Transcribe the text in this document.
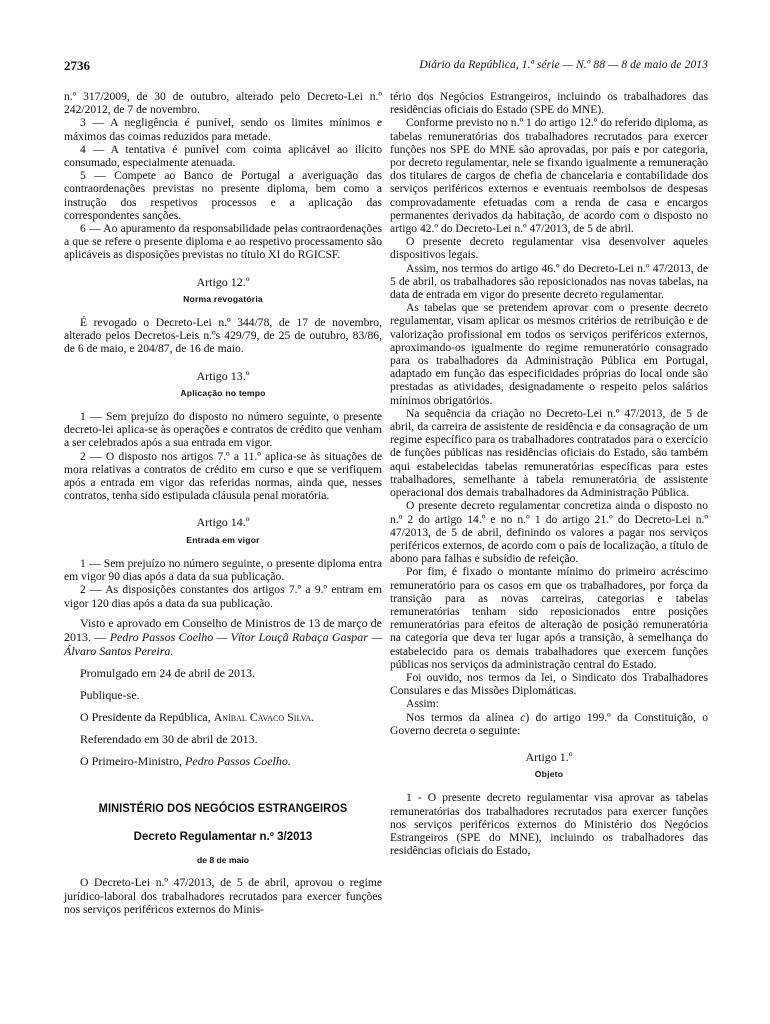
2736	Diário da República, 1.ª série — N.º 88 — 8 de maio de 2013

n.º 317/2009, de 30 de outubro, alterado pelo Decreto-Lei n.º 242/2012, de 7 de novembro.

3 — A negligência é punível, sendo os limites mínimos e máximos das coimas reduzidos para metade.

4 — A tentativa é punível com coima aplicável ao ilícito consumado, especialmente atenuada.

5 — Compete ao Banco de Portugal a averiguação das contraordenações previstas no presente diploma, bem como a instrução dos respetivos processos e a aplicação das correspondentes sanções.

6 — Ao apuramento da responsabilidade pelas contraordenações a que se refere o presente diploma e ao respetivo processamento são aplicáveis as disposições previstas no título XI do RGICSF.

Artigo 12.º
Norma revogatória

É revogado o Decreto-Lei n.º 344/78, de 17 de novembro, alterado pelos Decretos-Leis n.ºs 429/79, de 25 de outubro, 83/86, de 6 de maio, e 204/87, de 16 de maio.

Artigo 13.º
Aplicação no tempo

1 — Sem prejuízo do disposto no número seguinte, o presente decreto-lei aplica-se às operações e contratos de crédito que venham a ser celebrados após a sua entrada em vigor.

2 — O disposto nos artigos 7.º a 11.º aplica-se às situações de mora relativas a contratos de crédito em curso e que se verifiquem após a entrada em vigor das referidas normas, ainda que, nesses contratos, tenha sido estipulada cláusula penal moratória.

Artigo 14.º
Entrada em vigor

1 — Sem prejuízo no número seguinte, o presente diploma entra em vigor 90 dias após a data da sua publicação.

2 — As disposições constantes dos artigos 7.º a 9.º entram em vigor 120 dias após a data da sua publicação.

Visto e aprovado em Conselho de Ministros de 13 de março de 2013. — Pedro Passos Coelho — Vítor Louçã Rabaça Gaspar — Álvaro Santos Pereira.

Promulgado em 24 de abril de 2013.

Publique-se.

O Presidente da República, Aníbal Cavaco Silva.

Referendado em 30 de abril de 2013.

O Primeiro-Ministro, Pedro Passos Coelho.

MINISTÉRIO DOS NEGÓCIOS ESTRANGEIROS
Decreto Regulamentar n.º 3/2013
de 8 de maio

O Decreto-Lei n.º 47/2013, de 5 de abril, aprovou o regime jurídico-laboral dos trabalhadores recrutados para exercer funções nos serviços periféricos externos do Minis-

tério dos Negócios Estrangeiros, incluindo os trabalhadores das residências oficiais do Estado (SPE do MNE).

Conforme previsto no n.º 1 do artigo 12.º do referido diploma, as tabelas remuneratórias dos trabalhadores recrutados para exercer funções nos SPE do MNE são aprovadas, por país e por categoria, por decreto regulamentar, nele se fixando igualmente a remuneração dos titulares de cargos de chefia de chancelaria e contabilidade dos serviços periféricos externos e eventuais reembolsos de despesas comprovadamente efetuadas com a renda de casa e encargos permanentes derivados da habitação, de acordo com o disposto no artigo 42.º do Decreto-Lei n.º 47/2013, de 5 de abril.

O presente decreto regulamentar visa desenvolver aqueles dispositivos legais.

Assim, nos termos do artigo 46.º do Decreto-Lei n.º 47/2013, de 5 de abril, os trabalhadores são reposicionados nas novas tabelas, na data de entrada em vigor do presente decreto regulamentar.

As tabelas que se pretendem aprovar com o presente decreto regulamentar, visam aplicar os mesmos critérios de retribuição e de valorização profissional em todos os serviços periféricos externos, aproximando-os igualmente do regime remuneratório consagrado para os trabalhadores da Administração Pública em Portugal, adaptado em função das especificidades próprias do local onde são prestadas as atividades, designadamente o respeito pelos salários mínimos obrigatórios.

Na sequência da criação no Decreto-Lei n.º 47/2013, de 5 de abril, da carreira de assistente de residência e da consagração de um regime específico para os trabalhadores contratados para o exercício de funções públicas nas residências oficiais do Estado, são também aqui estabelecidas tabelas remuneratórias específicas para estes trabalhadores, semelhante à tabela remuneratória de assistente operacional dos demais trabalhadores da Administração Pública.

O presente decreto regulamentar concretiza ainda o disposto no n.º 2 do artigo 14.º e no n.º 1 do artigo 21.º do Decreto-Lei n.º 47/2013, de 5 de abril, definindo os valores a pagar nos serviços periféricos externos, de acordo com o país de localização, a título de abono para falhas e subsídio de refeição.

Por fim, é fixado o montante mínimo do primeiro acréscimo remuneratório para os casos em que os trabalhadores, por força da transição para as novas carreiras, categorias e tabelas remuneratórias tenham sido reposicionados entre posições remuneratórias para efeitos de alteração de posição remuneratória na categoria que deva ter lugar após a transição, à semelhança do estabelecido para os demais trabalhadores que exercem funções públicas nos serviços da administração central do Estado.

Foi ouvido, nos termos da lei, o Sindicato dos Trabalhadores Consulares e das Missões Diplomáticas.

Assim:

Nos termos da alínea c) do artigo 199.º da Constituição, o Governo decreta o seguinte:

Artigo 1.º
Objeto

1 - O presente decreto regulamentar visa aprovar as tabelas remuneratórias dos trabalhadores recrutados para exercer funções nos serviços periféricos externos do Ministério dos Negócios Estrangeiros (SPE do MNE), incluindo os trabalhadores das residências oficiais do Estado,
